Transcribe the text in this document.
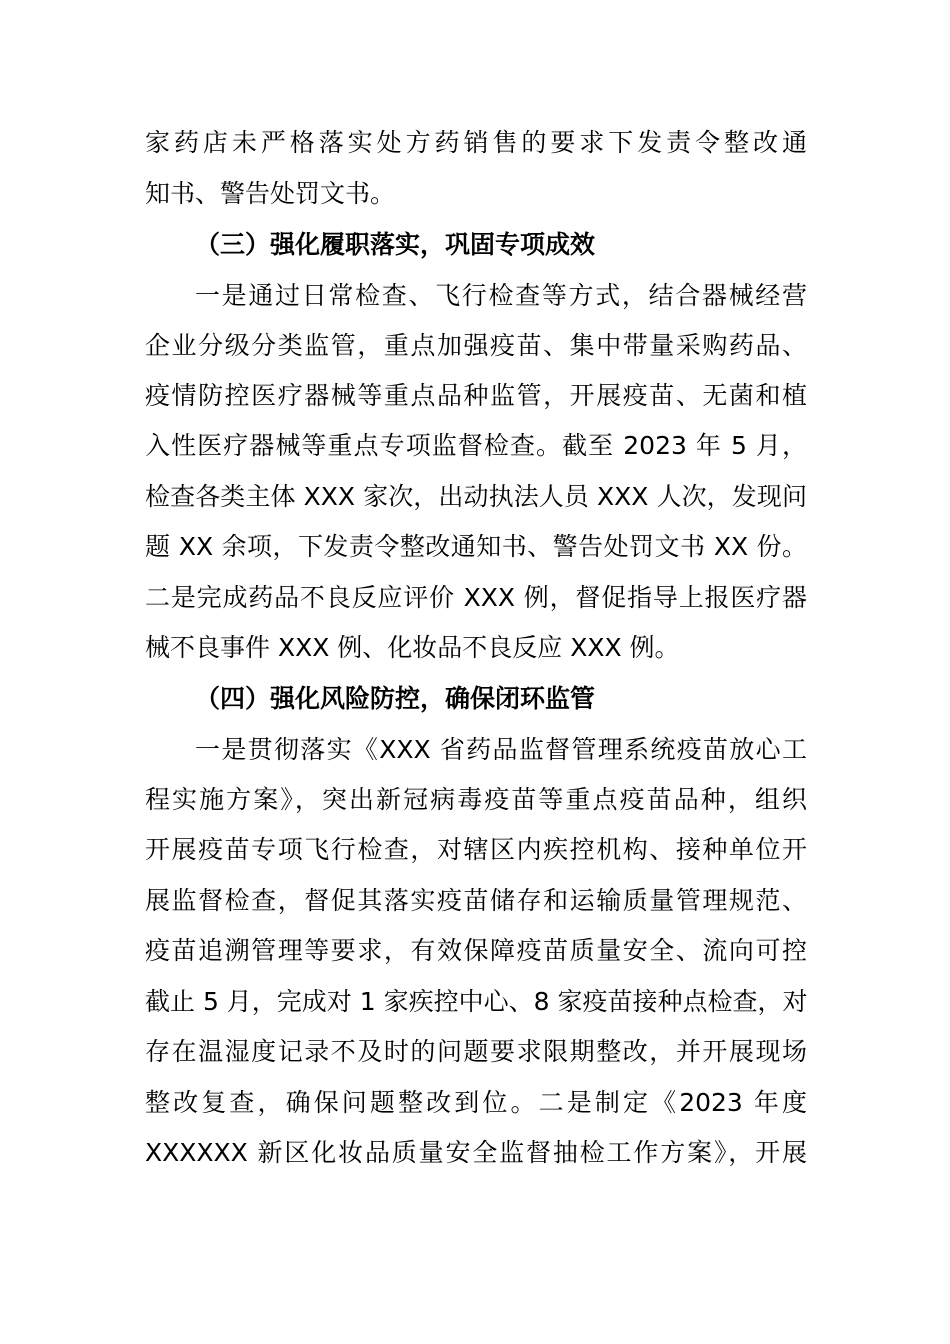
家药店未严格落实处方药销售的要求下发责令整改通
知书、警告处罚文书。
（三）强化履职落实，巩固专项成效
一是通过日常检查、飞行检查等方式，结合器械经营
企业分级分类监管，重点加强疫苗、集中带量采购药品、
疫情防控医疗器械等重点品种监管，开展疫苗、无菌和植
入性医疗器械等重点专项监督检查。截至 2023 年 5 月，
检查各类主体 XXX 家次，出动执法人员 XXX 人次，发现问
题 XX 余项，下发责令整改通知书、警告处罚文书 XX 份。
二是完成药品不良反应评价 XXX 例，督促指导上报医疗器
械不良事件 XXX 例、化妆品不良反应 XXX 例。
（四）强化风险防控，确保闭环监管
一是贯彻落实《XXX 省药品监督管理系统疫苗放心工
程实施方案》，突出新冠病毒疫苗等重点疫苗品种，组织
开展疫苗专项飞行检查，对辖区内疾控机构、接种单位开
展监督检查，督促其落实疫苗储存和运输质量管理规范、
疫苗追溯管理等要求，有效保障疫苗质量安全、流向可控
截止 5 月，完成对 1 家疾控中心、8 家疫苗接种点检查，对
存在温湿度记录不及时的问题要求限期整改，并开展现场
整改复查，确保问题整改到位。二是制定《2023 年度
XXXXXX 新区化妆品质量安全监督抽检工作方案》，开展
